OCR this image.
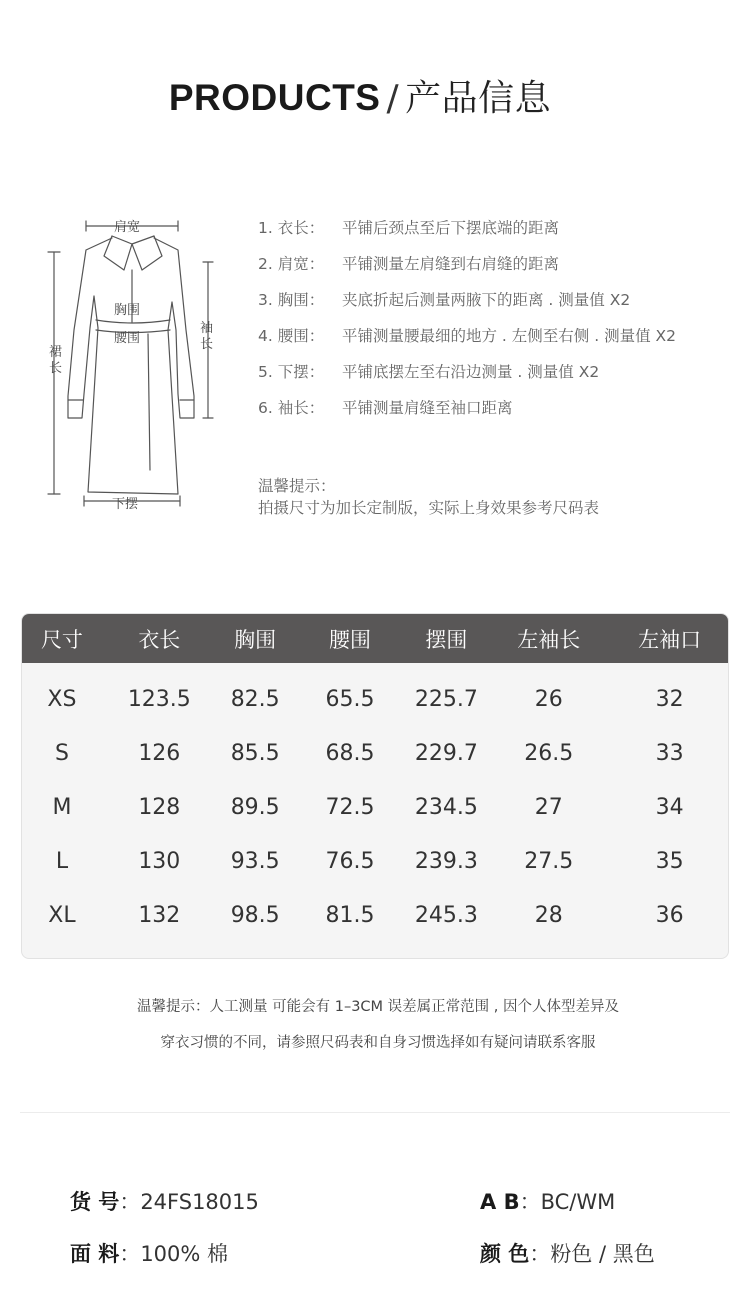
PRODUCTS / 产品信息
肩宽
胸围
腰围
下摆
裙
长
袖
长
1. 衣长： 平铺后颈点至后下摆底端的距离
2. 肩宽： 平铺测量左肩缝到右肩缝的距离
3. 胸围： 夹底折起后测量两腋下的距离 . 测量值 X2
4. 腰围： 平铺测量腰最细的地方 . 左侧至右侧 . 测量值 X2
5. 下摆： 平铺底摆左至右沿边测量 . 测量值 X2
6. 袖长： 平铺测量肩缝至袖口距离
温馨提示：
拍摄尺寸为加长定制版，实际上身效果参考尺码表
尺寸	衣长	胸围	腰围	摆围	左袖长	左袖口
XS	123.5	82.5	65.5	225.7	26	32
S	126	85.5	68.5	229.7	26.5	33
M	128	89.5	72.5	234.5	27	34
L	130	93.5	76.5	239.3	27.5	35
XL	132	98.5	81.5	245.3	28	36
温馨提示：人工测量 可能会有 1–3CM 误差属正常范围 , 因个人体型差异及
穿衣习惯的不同，请参照尺码表和自身习惯选择如有疑问请联系客服
货 号：24FS18015
面 料：100% 棉
A B：BC/WM
颜 色：粉色 / 黑色
